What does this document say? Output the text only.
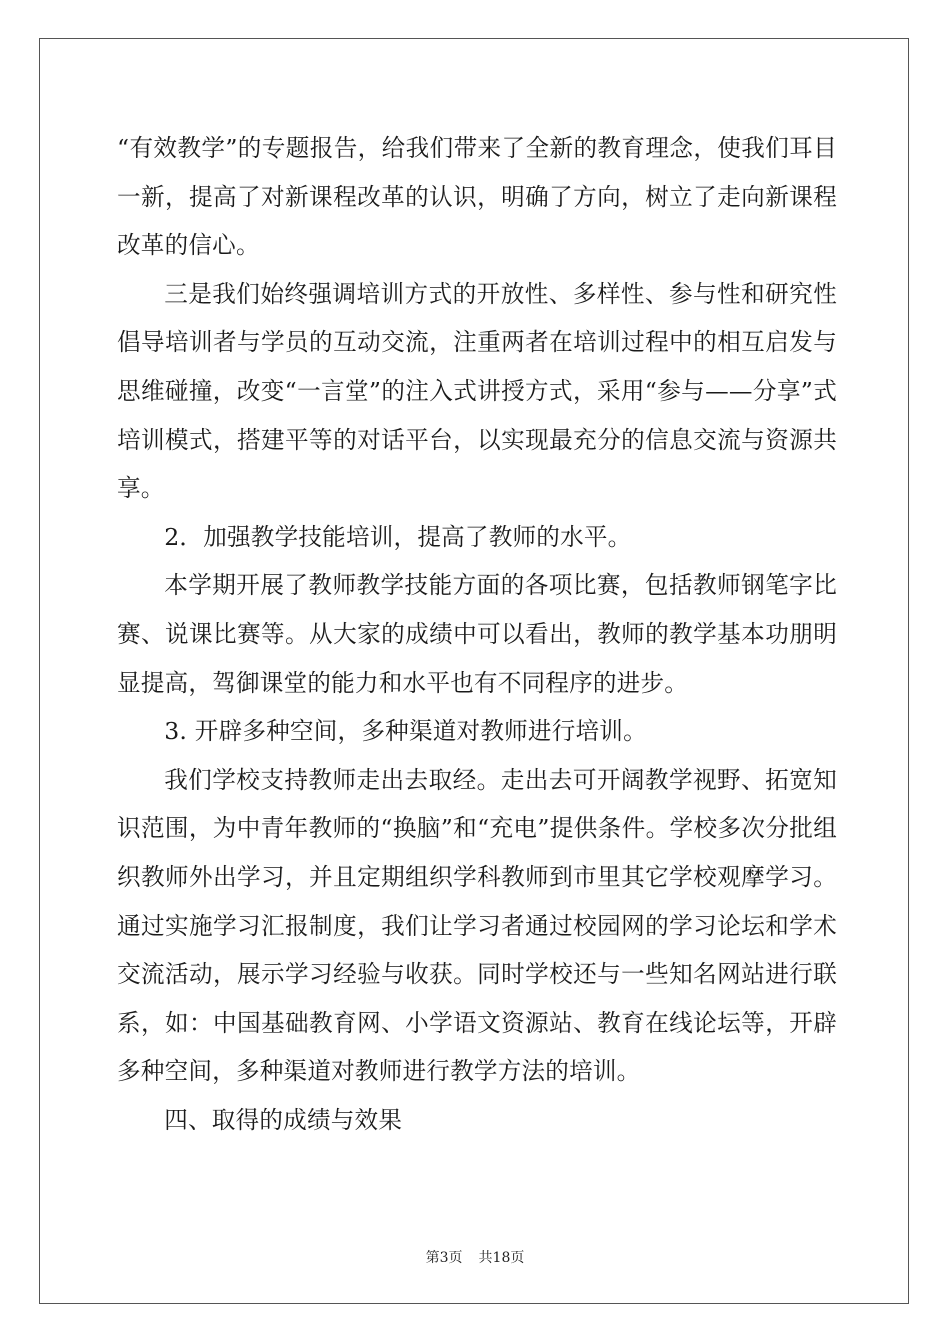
“有效教学”的专题报告，给我们带来了全新的教育理念，使我们耳目一新，提高了对新课程改革的认识，明确了方向，树立了走向新课程改革的信心。

三是我们始终强调培训方式的开放性、多样性、参与性和研究性倡导培训者与学员的互动交流，注重两者在培训过程中的相互启发与思维碰撞，改变“一言堂”的注入式讲授方式，采用“参与——分享”式培训模式，搭建平等的对话平台，以实现最充分的信息交流与资源共享。

2．加强教学技能培训，提高了教师的水平。

本学期开展了教师教学技能方面的各项比赛，包括教师钢笔字比赛、说课比赛等。从大家的成绩中可以看出，教师的教学基本功朋明显提高，驾御课堂的能力和水平也有不同程序的进步。

3. 开辟多种空间，多种渠道对教师进行培训。

我们学校支持教师走出去取经。走出去可开阔教学视野、拓宽知识范围，为中青年教师的“换脑”和“充电”提供条件。学校多次分批组织教师外出学习，并且定期组织学科教师到市里其它学校观摩学习。通过实施学习汇报制度，我们让学习者通过校园网的学习论坛和学术交流活动，展示学习经验与收获。同时学校还与一些知名网站进行联系，如：中国基础教育网、小学语文资源站、教育在线论坛等，开辟多种空间，多种渠道对教师进行教学方法的培训。

四、取得的成绩与效果

第3页 共18页
